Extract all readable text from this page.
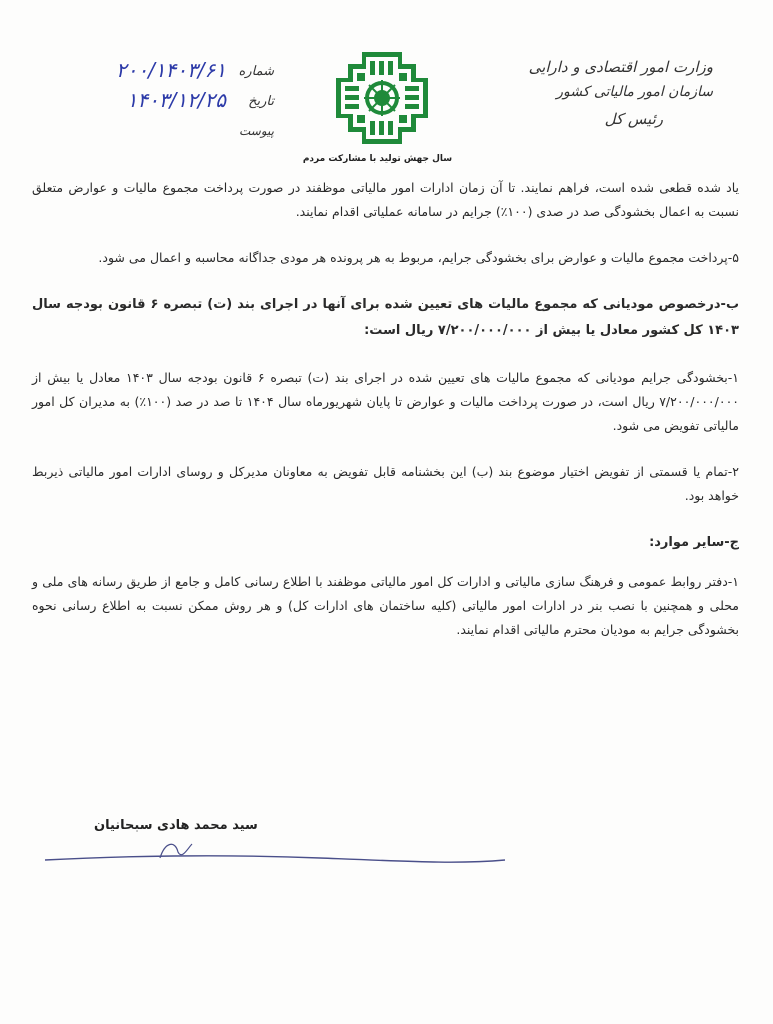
وزارت امور اقتصادی و دارایی
سازمان امور مالیاتی کشور
رئیس کل
سال جهش تولید با مشارکت مردم
شماره
۲۰۰/۱۴۰۳/۶۱
تاریخ
۱۴۰۳/۱۲/۲۵
پیوست

یاد شده قطعی شده است، فراهم نمایند. تا آن زمان ادارات امور مالیاتی موظفند در صورت پرداخت مجموع مالیات و عوارض متعلق نسبت به اعمال بخشودگی صد در صدی (۱۰۰٪) جرایم در سامانه عملیاتی اقدام نمایند.

۵-پرداخت مجموع مالیات و عوارض برای بخشودگی جرایم، مربوط به هر پرونده هر مودی جداگانه محاسبه و اعمال می شود.

ب-درخصوص مودیانی که مجموع مالیات های تعیین شده برای آنها در اجرای بند (ت) تبصره ۶ قانون بودجه سال ۱۴۰۳ کل کشور معادل یا بیش از ۷/۲۰۰/۰۰۰/۰۰۰ ریال است:

۱-بخشودگی جرایم مودیانی که مجموع مالیات های تعیین شده در اجرای بند (ت) تبصره ۶ قانون بودجه سال ۱۴۰۳ معادل یا بیش از ۷/۲۰۰/۰۰۰/۰۰۰ ریال است، در صورت پرداخت مالیات و عوارض تا پایان شهریورماه سال ۱۴۰۴ تا صد در صد (۱۰۰٪) به مدیران کل امور مالیاتی تفویض می شود.

۲-تمام یا قسمتی از تفویض اختیار موضوع بند (ب) این بخشنامه قابل تفویض به معاونان مدیرکل و روسای ادارات امور مالیاتی ذیربط خواهد بود.

ج-سایر موارد:

۱-دفتر روابط عمومی و فرهنگ سازی مالیاتی و ادارات کل امور مالیاتی موظفند با اطلاع رسانی کامل و جامع از طریق رسانه های ملی و محلی و همچنین با نصب بنر در ادارات امور مالیاتی (کلیه ساختمان های ادارات کل) و هر روش ممکن نسبت به اطلاع رسانی نحوه بخشودگی جرایم به مودیان محترم مالیاتی اقدام نمایند.

سید محمد هادی سبحانیان
